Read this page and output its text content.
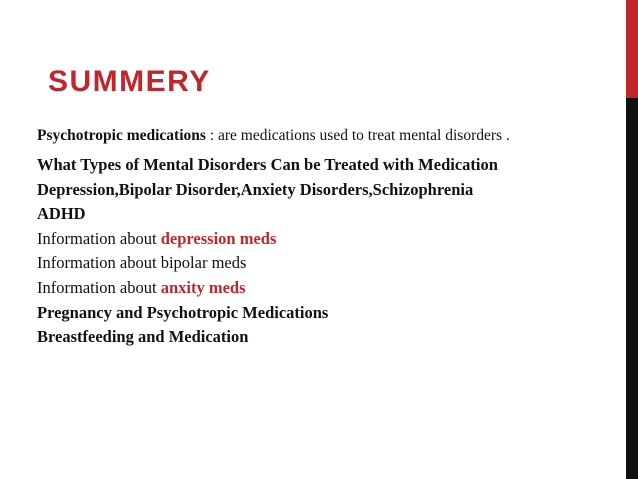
SUMMERY

Psychotropic medications : are medications used to treat mental disorders .

What Types of Mental Disorders Can be Treated with Medication

Depression,Bipolar Disorder,Anxiety Disorders,Schizophrenia

ADHD

Information about depression meds

Information about bipolar meds

Information about anxity meds

Pregnancy and Psychotropic Medications

Breastfeeding and Medication
